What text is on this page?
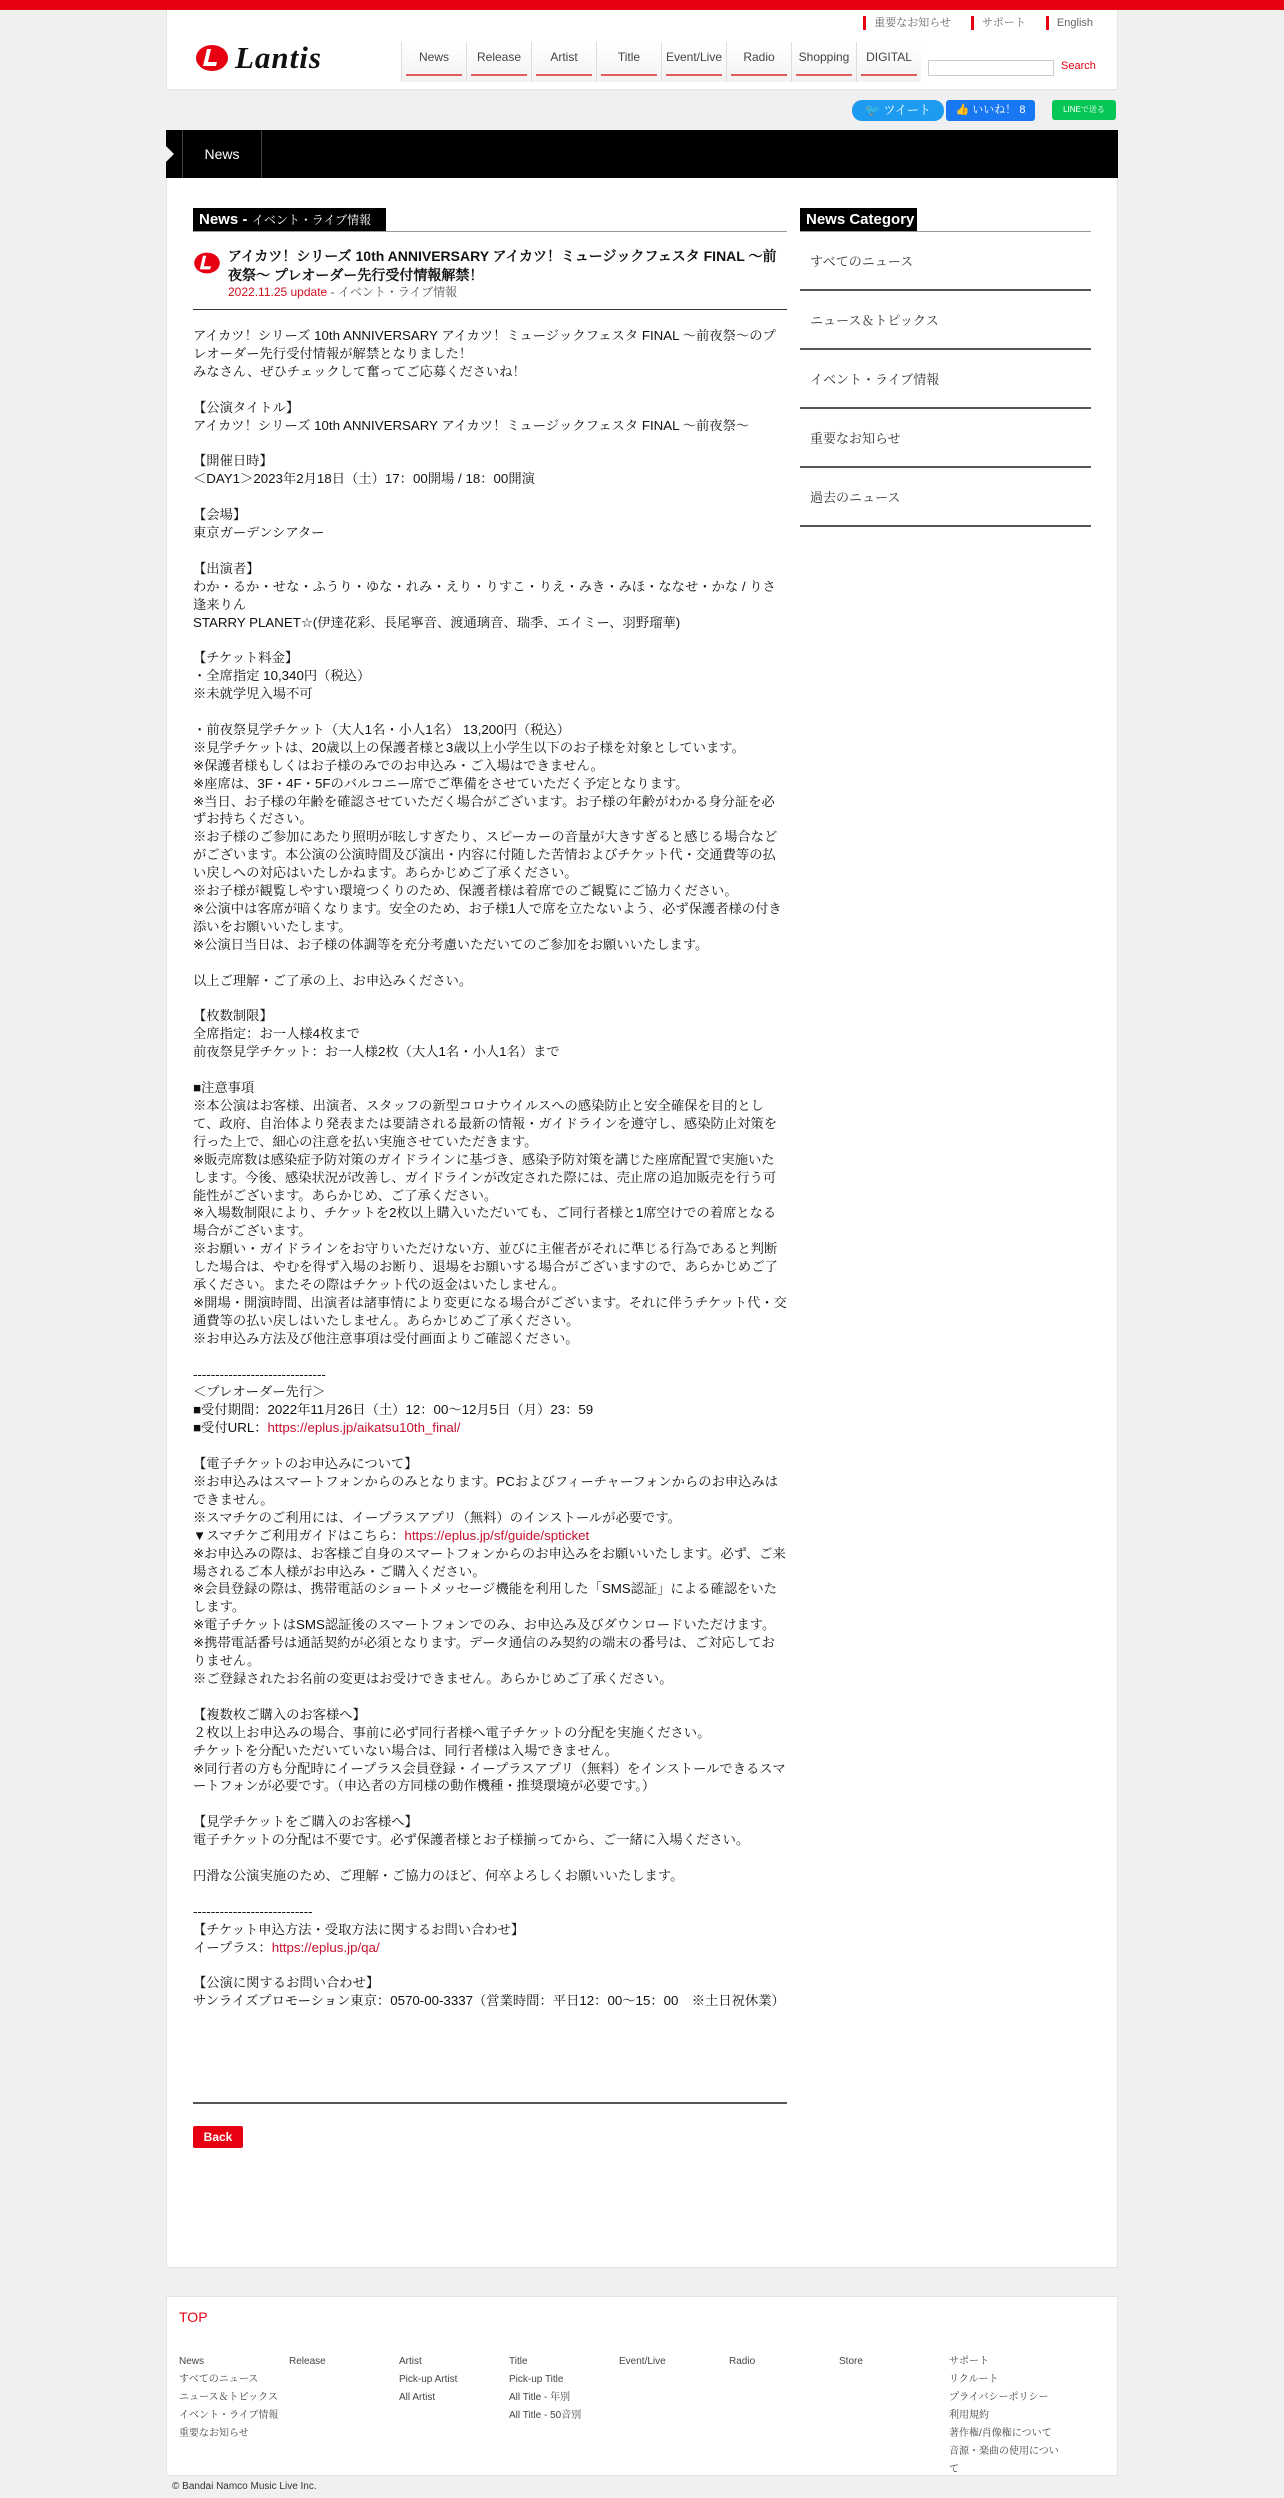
重要なお知らせ	サポート	English
Lantis	News	Release	Artist	Title	Event/Live	Radio	Shopping	DIGITAL
Search
🐦 ツイート	👍 いいね！ 8	LINEで送る
News
News - イベント・ライブ情報
アイカツ！シリーズ 10th ANNIVERSARY アイカツ！ミュージックフェスタ FINAL ～前夜祭～ プレオーダー先行受付情報解禁！
2022.11.25 update - イベント・ライブ情報
アイカツ！シリーズ 10th ANNIVERSARY アイカツ！ミュージックフェスタ FINAL ～前夜祭～のプレオーダー先行受付情報が解禁となりました！
みなさん、ぜひチェックして奮ってご応募くださいね！

【公演タイトル】
アイカツ！シリーズ 10th ANNIVERSARY アイカツ！ミュージックフェスタ FINAL ～前夜祭～

【開催日時】
＜DAY1＞2023年2月18日（土）17：00開場 / 18：00開演

【会場】
東京ガーデンシアター

【出演者】
わか・るか・せな・ふうり・ゆな・れみ・えり・りすこ・りえ・みき・みほ・ななせ・かな / りさ
逢来りん
STARRY PLANET☆(伊達花彩、長尾寧音、渡通璃音、瑞季、エイミー、羽野瑠華)

【チケット料金】
・全席指定 10,340円（税込）
※未就学児入場不可

・前夜祭見学チケット（大人1名・小人1名） 13,200円（税込）
※見学チケットは、20歳以上の保護者様と3歳以上小学生以下のお子様を対象としています。
※保護者様もしくはお子様のみでのお申込み・ご入場はできません。
※座席は、3F・4F・5Fのバルコニー席でご準備をさせていただく予定となります。
※当日、お子様の年齢を確認させていただく場合がございます。お子様の年齢がわかる身分証を必ずお持ちください。
※お子様のご参加にあたり照明が眩しすぎたり、スピーカーの音量が大きすぎると感じる場合などがございます。本公演の公演時間及び演出・内容に付随した苦情およびチケット代・交通費等の払い戻しへの対応はいたしかねます。あらかじめご了承ください。
※お子様が観覧しやすい環境つくりのため、保護者様は着席でのご観覧にご協力ください。
※公演中は客席が暗くなります。安全のため、お子様1人で席を立たないよう、必ず保護者様の付き添いをお願いいたします。
※公演日当日は、お子様の体調等を充分考慮いただいてのご参加をお願いいたします。

以上ご理解・ご了承の上、お申込みください。

【枚数制限】
全席指定：お一人様4枚まで
前夜祭見学チケット：お一人様2枚（大人1名・小人1名）まで

■注意事項
※本公演はお客様、出演者、スタッフの新型コロナウイルスへの感染防止と安全確保を目的として、政府、自治体より発表または要請される最新の情報・ガイドラインを遵守し、感染防止対策を行った上で、細心の注意を払い実施させていただきます。
※販売席数は感染症予防対策のガイドラインに基づき、感染予防対策を講じた座席配置で実施いたします。今後、感染状況が改善し、ガイドラインが改定された際には、売止席の追加販売を行う可能性がございます。あらかじめ、ご了承ください。
※入場数制限により、チケットを2枚以上購入いただいても、ご同行者様と1席空けでの着席となる場合がございます。
※お願い・ガイドラインをお守りいただけない方、並びに主催者がそれに準じる行為であると判断した場合は、やむを得ず入場のお断り、退場をお願いする場合がございますので、あらかじめご了承ください。またその際はチケット代の返金はいたしません。
※開場・開演時間、出演者は諸事情により変更になる場合がございます。それに伴うチケット代・交通費等の払い戻しはいたしません。あらかじめご了承ください。
※お申込み方法及び他注意事項は受付画面よりご確認ください。

------------------------------
＜プレオーダー先行＞
■受付期間：2022年11月26日（土）12：00～12月5日（月）23：59
■受付URL：https://eplus.jp/aikatsu10th_final/

【電子チケットのお申込みについて】
※お申込みはスマートフォンからのみとなります。PCおよびフィーチャーフォンからのお申込みはできません。
※スマチケのご利用には、イープラスアプリ（無料）のインストールが必要です。
▼スマチケご利用ガイドはこちら：https://eplus.jp/sf/guide/spticket
※お申込みの際は、お客様ご自身のスマートフォンからのお申込みをお願いいたします。必ず、ご来場されるご本人様がお申込み・ご購入ください。
※会員登録の際は、携帯電話のショートメッセージ機能を利用した「SMS認証」による確認をいたします。
※電子チケットはSMS認証後のスマートフォンでのみ、お申込み及びダウンロードいただけます。
※携帯電話番号は通話契約が必須となります。データ通信のみ契約の端末の番号は、ご対応しておりません。
※ご登録されたお名前の変更はお受けできません。あらかじめご了承ください。

【複数枚ご購入のお客様へ】
２枚以上お申込みの場合、事前に必ず同行者様へ電子チケットの分配を実施ください。
チケットを分配いただいていない場合は、同行者様は入場できません。
※同行者の方も分配時にイープラス会員登録・イープラスアプリ（無料）をインストールできるスマートフォンが必要です。（申込者の方同様の動作機種・推奨環境が必要です。）

【見学チケットをご購入のお客様へ】
電子チケットの分配は不要です。必ず保護者様とお子様揃ってから、ご一緒に入場ください。

円滑な公演実施のため、ご理解・ご協力のほど、何卒よろしくお願いいたします。

---------------------------
【チケット申込方法・受取方法に関するお問い合わせ】
イープラス：https://eplus.jp/qa/

【公演に関するお問い合わせ】
サンライズプロモーション東京：0570-00-3337（営業時間：平日12：00～15：00　※土日祝休業）
Back
News Category
すべてのニュース
ニュース＆トピックス
イベント・ライブ情報
重要なお知らせ
過去のニュース
TOP
News
すべてのニュース
ニュース＆トピックス
イベント・ライブ情報
重要なお知らせ
Release	Artist
Pick-up Artist
All Artist
Title
Pick-up Title
All Title - 年別
All Title - 50音別
Event/Live	Radio	Store	サポート
リクルート
プライバシーポリシー
利用規約
著作権/肖像権について
音源・楽曲の使用について
© Bandai Namco Music Live Inc.
